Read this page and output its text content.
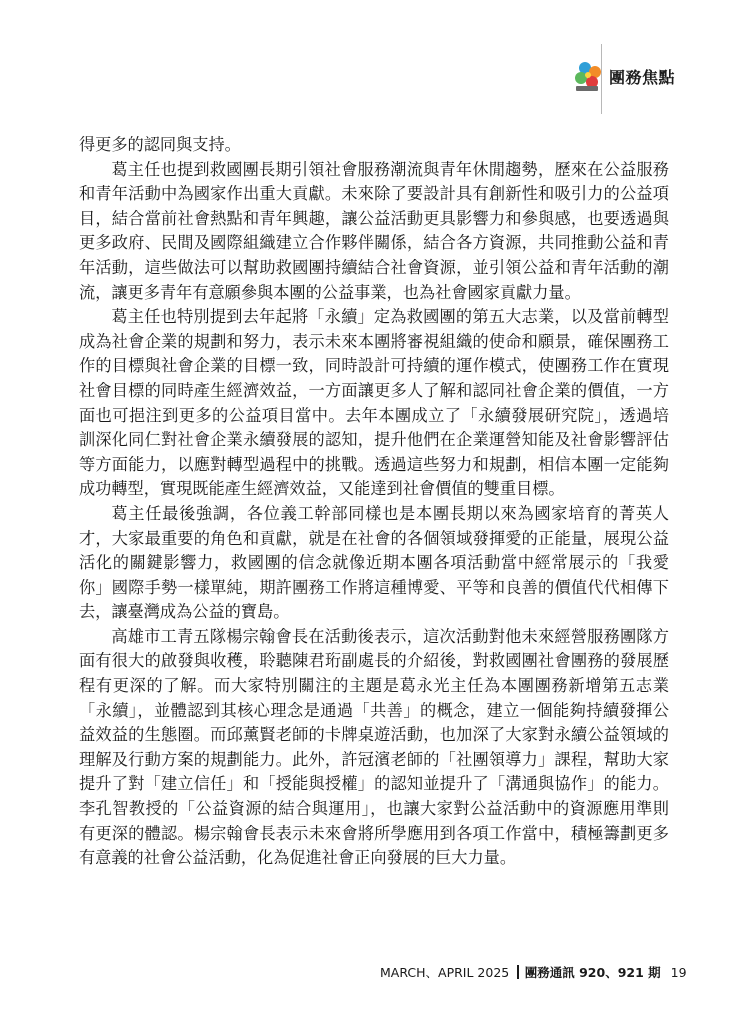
團務焦點

得更多的認同與支持。

葛主任也提到救國團長期引領社會服務潮流與青年休閒趨勢，歷來在公益服務和青年活動中為國家作出重大貢獻。未來除了要設計具有創新性和吸引力的公益項目，結合當前社會熱點和青年興趣，讓公益活動更具影響力和參與感，也要透過與更多政府、民間及國際組織建立合作夥伴關係，結合各方資源，共同推動公益和青年活動，這些做法可以幫助救國團持續結合社會資源，並引領公益和青年活動的潮流，讓更多青年有意願參與本團的公益事業，也為社會國家貢獻力量。

葛主任也特別提到去年起將「永續」定為救國團的第五大志業，以及當前轉型成為社會企業的規劃和努力，表示未來本團將審視組織的使命和願景，確保團務工作的目標與社會企業的目標一致，同時設計可持續的運作模式，使團務工作在實現社會目標的同時產生經濟效益，一方面讓更多人了解和認同社會企業的價值，一方面也可挹注到更多的公益項目當中。去年本團成立了「永續發展研究院」，透過培訓深化同仁對社會企業永續發展的認知，提升他們在企業運營知能及社會影響評估等方面能力，以應對轉型過程中的挑戰。透過這些努力和規劃，相信本團一定能夠成功轉型，實現既能產生經濟效益，又能達到社會價值的雙重目標。

葛主任最後強調，各位義工幹部同樣也是本團長期以來為國家培育的菁英人才，大家最重要的角色和貢獻，就是在社會的各個領域發揮愛的正能量，展現公益活化的關鍵影響力，救國團的信念就像近期本團各項活動當中經常展示的「我愛你」國際手勢一樣單純，期許團務工作將這種博愛、平等和良善的價值代代相傳下去，讓臺灣成為公益的寶島。

高雄市工青五隊楊宗翰會長在活動後表示，這次活動對他未來經營服務團隊方面有很大的啟發與收穫，聆聽陳君珩副處長的介紹後，對救國團社會團務的發展歷程有更深的了解。而大家特別關注的主題是葛永光主任為本團團務新增第五志業「永續」，並體認到其核心理念是通過「共善」的概念，建立一個能夠持續發揮公益效益的生態圈。而邱薰賢老師的卡牌桌遊活動，也加深了大家對永續公益領域的理解及行動方案的規劃能力。此外，許冠濱老師的「社團領導力」課程，幫助大家提升了對「建立信任」和「授能與授權」的認知並提升了「溝通與協作」的能力。李孔智教授的「公益資源的結合與運用」，也讓大家對公益活動中的資源應用準則有更深的體認。楊宗翰會長表示未來會將所學應用到各項工作當中，積極籌劃更多有意義的社會公益活動，化為促進社會正向發展的巨大力量。

MARCH、APRIL 2025 團務通訊 920、921 期 19
